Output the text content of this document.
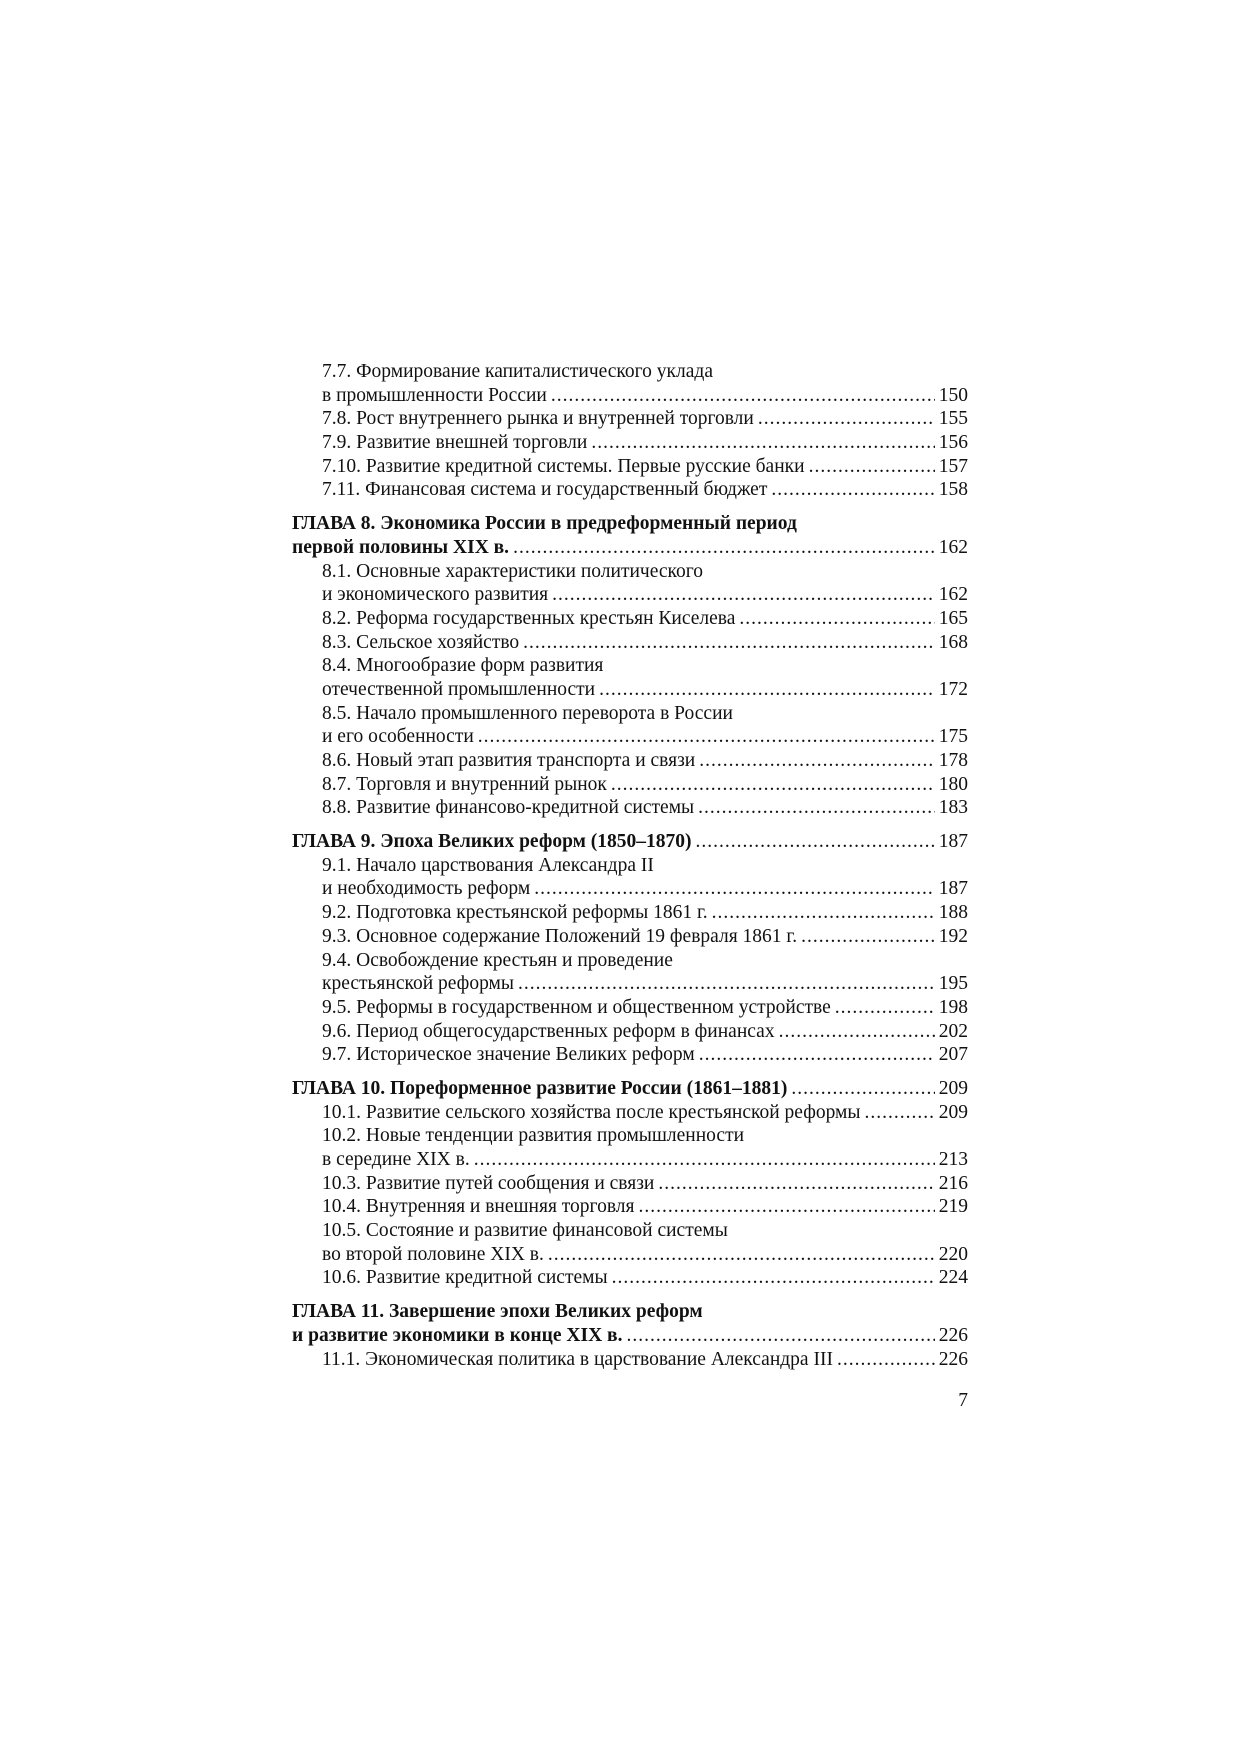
7.7. Формирование капиталистического уклада
в промышленности России .....	150
7.8. Рост внутреннего рынка и внутренней торговли .....	155
7.9. Развитие внешней торговли .....	156
7.10. Развитие кредитной системы. Первые русские банки .....	157
7.11. Финансовая система и государственный бюджет .....	158
ГЛАВА 8. Экономика России в предреформенный период
первой половины XIX в. .....	162
8.1. Основные характеристики политического
и экономического развития .....	162
8.2. Реформа государственных крестьян Киселева .....	165
8.3. Сельское хозяйство .....	168
8.4. Многообразие форм развития
отечественной промышленности .....	172
8.5. Начало промышленного переворота в России
и его особенности .....	175
8.6. Новый этап развития транспорта и связи .....	178
8.7. Торговля и внутренний рынок .....	180
8.8. Развитие финансово-кредитной системы .....	183
ГЛАВА 9. Эпоха Великих реформ (1850–1870) .....	187
9.1. Начало царствования Александра II
и необходимость реформ .....	187
9.2. Подготовка крестьянской реформы 1861 г. .....	188
9.3. Основное содержание Положений 19 февраля 1861 г. .....	192
9.4. Освобождение крестьян и проведение
крестьянской реформы .....	195
9.5. Реформы в государственном и общественном устройстве .....	198
9.6. Период общегосударственных реформ в финансах .....	202
9.7. Историческое значение Великих реформ .....	207
ГЛАВА 10. Пореформенное развитие России (1861–1881) .....	209
10.1. Развитие сельского хозяйства после крестьянской реформы .....	209
10.2. Новые тенденции развития промышленности
в середине XIX в. .....	213
10.3. Развитие путей сообщения и связи .....	216
10.4. Внутренняя и внешняя торговля .....	219
10.5. Состояние и развитие финансовой системы
во второй половине XIX в. .....	220
10.6. Развитие кредитной системы .....	224
ГЛАВА 11. Завершение эпохи Великих реформ
и развитие экономики в конце XIX в. .....	226
11.1. Экономическая политика в царствование Александра III .....	226
7
